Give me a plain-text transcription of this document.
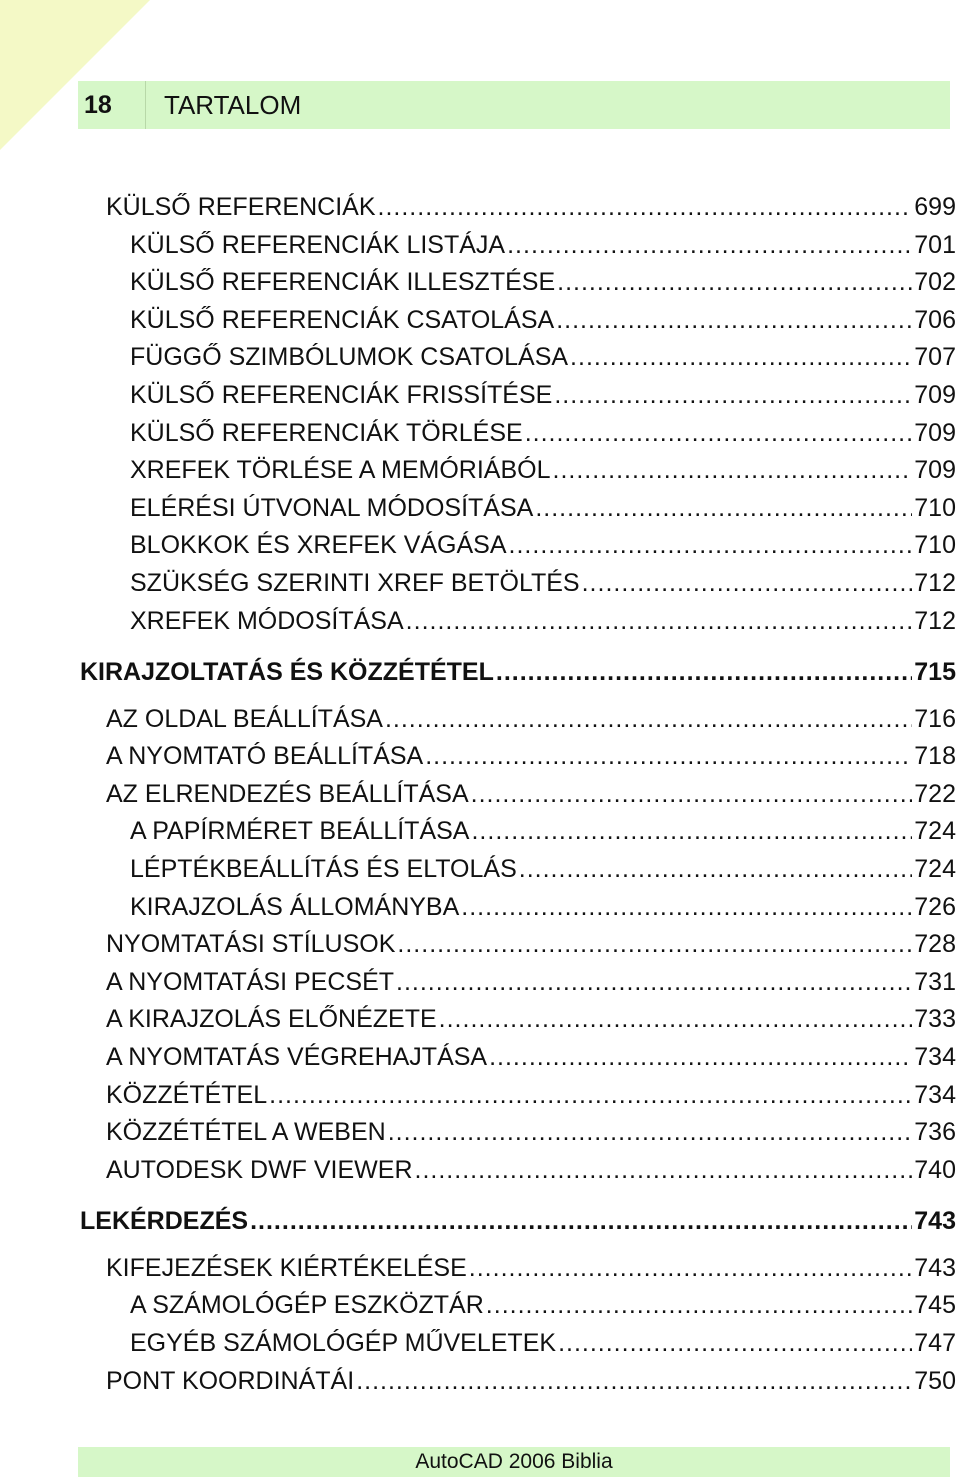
18	TARTALOM
KÜLSŐ REFERENCIÁK .....	699
KÜLSŐ REFERENCIÁK LISTÁJA .....	701
KÜLSŐ REFERENCIÁK ILLESZTÉSE .....	702
KÜLSŐ REFERENCIÁK CSATOLÁSA .....	706
FÜGGŐ SZIMBÓLUMOK CSATOLÁSA .....	707
KÜLSŐ REFERENCIÁK FRISSÍTÉSE .....	709
KÜLSŐ REFERENCIÁK TÖRLÉSE .....	709
XREFEK TÖRLÉSE A MEMÓRIÁBÓL .....	709
ELÉRÉSI ÚTVONAL MÓDOSÍTÁSA .....	710
BLOKKOK ÉS XREFEK VÁGÁSA .....	710
SZÜKSÉG SZERINTI XREF BETÖLTÉS .....	712
XREFEK MÓDOSÍTÁSA .....	712
KIRAJZOLTATÁS ÉS KÖZZÉTÉTEL .....	715
AZ OLDAL BEÁLLÍTÁSA .....	716
A NYOMTATÓ BEÁLLÍTÁSA .....	718
AZ ELRENDEZÉS BEÁLLÍTÁSA .....	722
A PAPÍRMÉRET BEÁLLÍTÁSA .....	724
LÉPTÉKBEÁLLÍTÁS ÉS ELTOLÁS .....	724
KIRAJZOLÁS ÁLLOMÁNYBA .....	726
NYOMTATÁSI STÍLUSOK .....	728
A NYOMTATÁSI PECSÉT .....	731
A KIRAJZOLÁS ELŐNÉZETE .....	733
A NYOMTATÁS VÉGREHAJTÁSA .....	734
KÖZZÉTÉTEL .....	734
KÖZZÉTÉTEL A WEBEN .....	736
AUTODESK DWF VIEWER .....	740
LEKÉRDEZÉS .....	743
KIFEJEZÉSEK KIÉRTÉKELÉSE .....	743
A SZÁMOLÓGÉP ESZKÖZTÁR .....	745
EGYÉB SZÁMOLÓGÉP MŰVELETEK .....	747
PONT KOORDINÁTÁI .....	750
AutoCAD 2006 Biblia
